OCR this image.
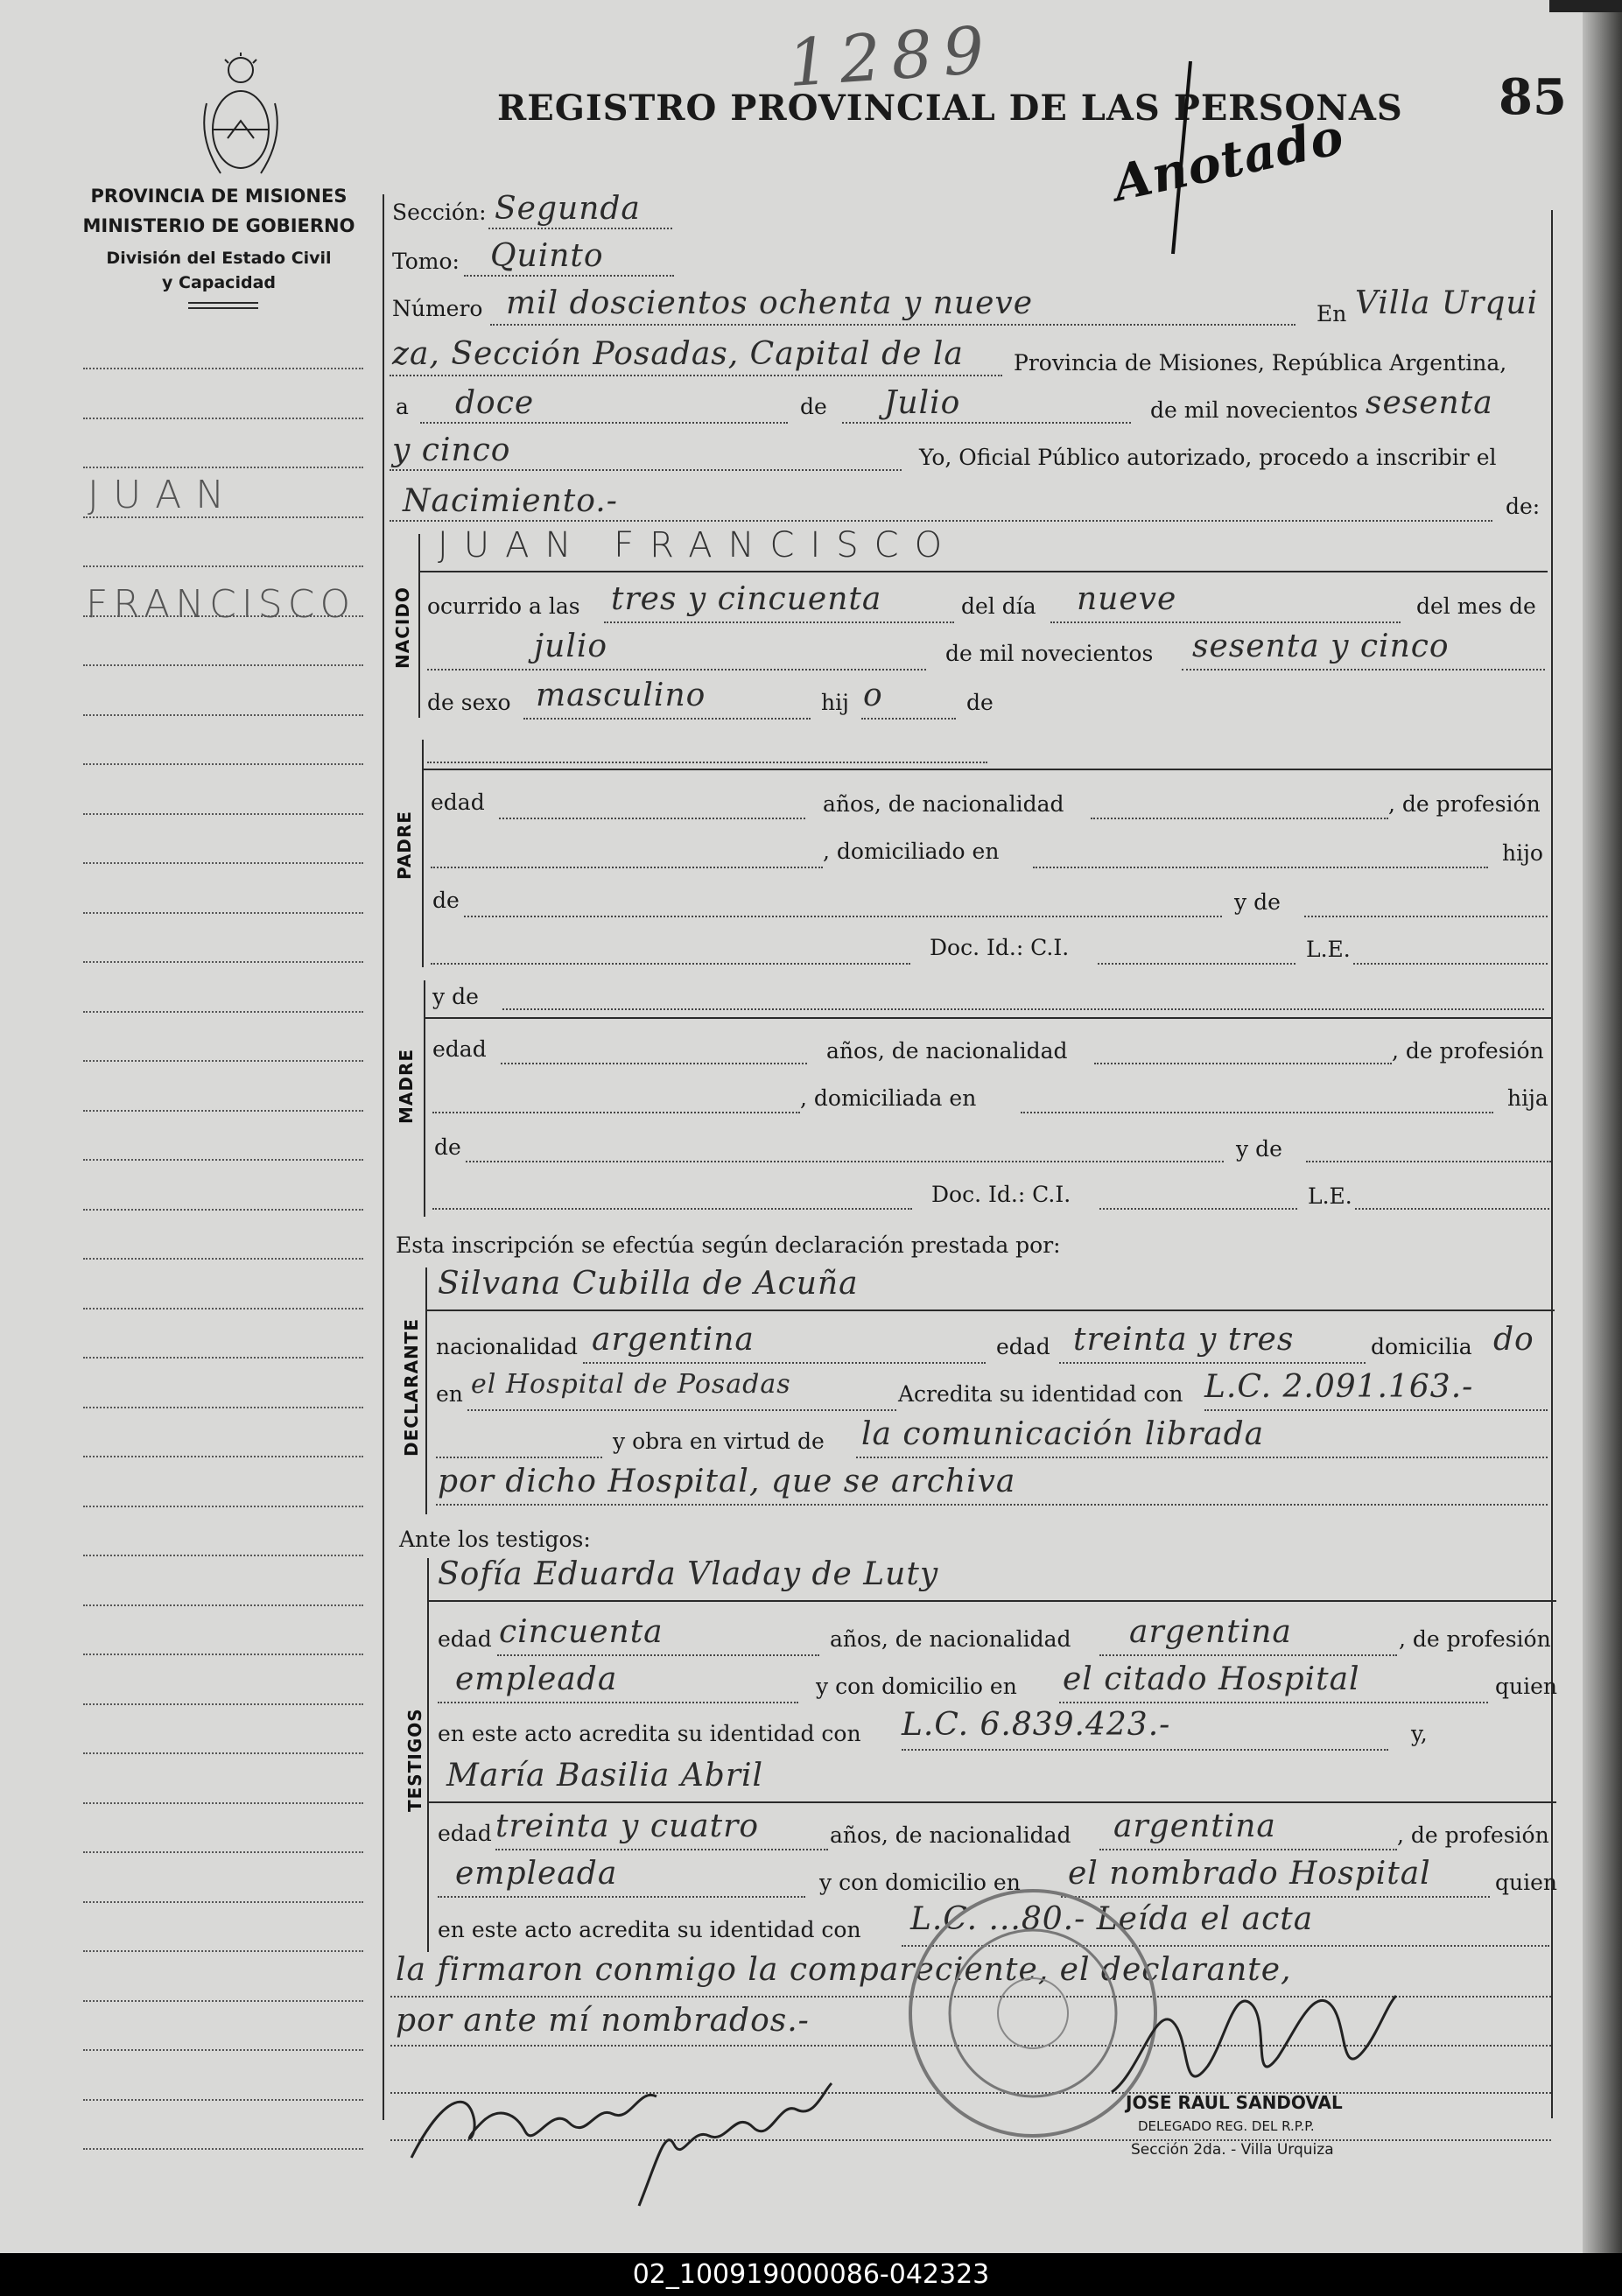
PROVINCIA DE MISIONES
MINISTERIO DE GOBIERNO
División del Estado Civil
y Capacidad
REGISTRO PROVINCIAL DE LAS PERSONAS 85
1289
Anotado
JUAN
FRANCISCO
Sección: Segunda
Tomo: Quinto
Número mil doscientos ochenta y nueve	En Villa Urqui
za, Sección Posadas, Capital de la Provincia de Misiones, República Argentina,
a doce	de Julio	de mil novecientos sesenta
y cinco	Yo, Oficial Público autorizado, procedo a inscribir el
Nacimiento.-	de:
NACIDO
JUAN FRANCISCO
ocurrido a las tres y cincuenta	del día nueve	del mes de
julio	de mil novecientos sesenta y cinco
de sexo masculino	hij o	de
PADRE
edad	años, de nacionalidad	, de profesión
, domiciliado en	hijo
de	y de
Doc. Id.: C.I.	L.E.
MADRE
y de
edad	años, de nacionalidad	, de profesión
, domiciliada en	hija
de	y de
Doc. Id.: C.I.	L.E.
Esta inscripción se efectúa según declaración prestada por:
DECLARANTE
Silvana Cubilla de Acuña
nacionalidad argentina	edad treinta y tres	domicilia do
en el Hospital de Posadas	Acredita su identidad con L.C. 2.091.163.-
y obra en virtud de la comunicación librada
por dicho Hospital, que se archiva
Ante los testigos:
TESTIGOS
Sofía Eduarda Vladay de Luty
edad cincuenta	años, de nacionalidad argentina	, de profesión
empleada	y con domicilio en el citado Hospital	quien
en este acto acredita su identidad con L.C. 6.839.423.-	y,
María Basilia Abril
edad treinta y cuatro	años, de nacionalidad argentina	, de profesión
empleada	y con domicilio en el nombrado Hospital	quien
en este acto acredita su identidad con L.C. ...80.- Leída el acta
la firmaron conmigo la compareciente, el declarante,
por ante mí nombrados.-
JOSE RAUL SANDOVAL
DELEGADO REG. DEL R.P.P.
Sección 2da. - Villa Urquiza
02_100919000086-042323
